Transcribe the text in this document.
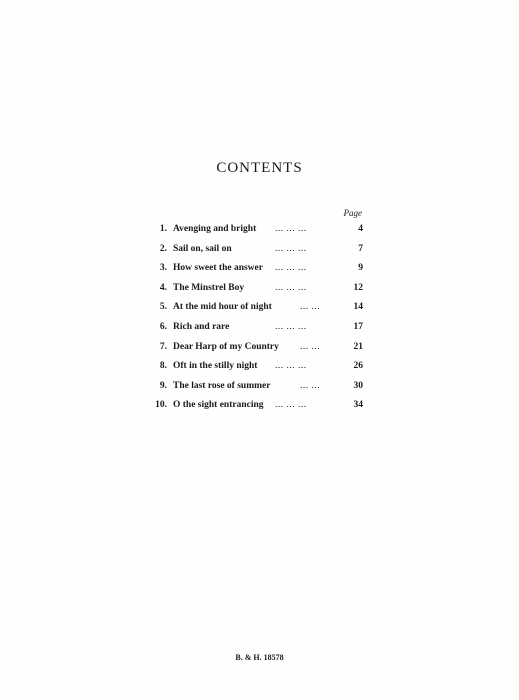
CONTENTS
Page
1. Avenging and bright ... ... ...	4
2. Sail on, sail on	... ... ...	7
3. How sweet the answer ... ... ...	9
4. The Minstrel Boy	... ... ...	12
5. At the mid hour of night	... ...	14
6. Rich and rare	... ... ...	17
7. Dear Harp of my Country ... ...	21
8. Oft in the stilly night ... ... ...	26
9. The last rose of summer	... ...	30
10. O the sight entrancing ... ... ...	34
B. & H. 18578
